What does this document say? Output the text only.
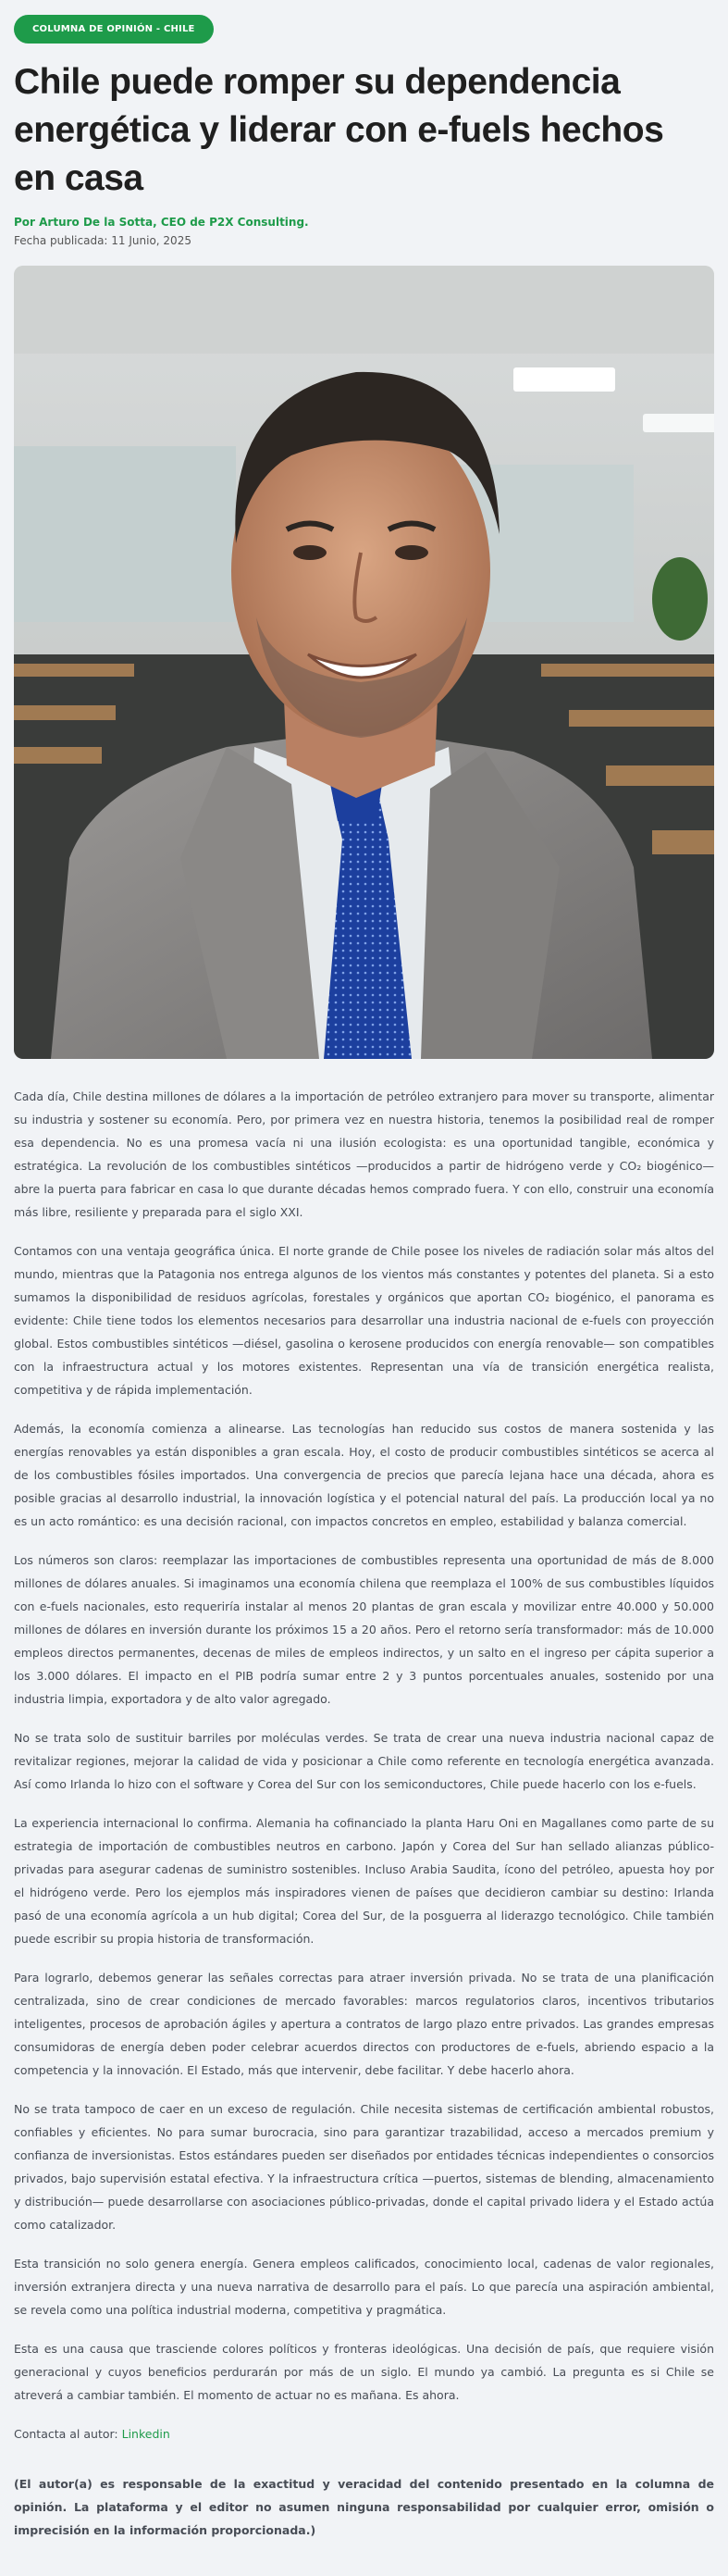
COLUMNA DE OPINIÓN - CHILE
Chile puede romper su dependencia energética y liderar con e-fuels hechos en casa
Por Arturo De la Sotta, CEO de P2X Consulting.
Fecha publicada: 11 Junio, 2025

Cada día, Chile destina millones de dólares a la importación de petróleo extranjero para mover su transporte, alimentar su industria y sostener su economía. Pero, por primera vez en nuestra historia, tenemos la posibilidad real de romper esa dependencia. No es una promesa vacía ni una ilusión ecologista: es una oportunidad tangible, económica y estratégica. La revolución de los combustibles sintéticos —producidos a partir de hidrógeno verde y CO₂ biogénico— abre la puerta para fabricar en casa lo que durante décadas hemos comprado fuera. Y con ello, construir una economía más libre, resiliente y preparada para el siglo XXI.

Contamos con una ventaja geográfica única. El norte grande de Chile posee los niveles de radiación solar más altos del mundo, mientras que la Patagonia nos entrega algunos de los vientos más constantes y potentes del planeta. Si a esto sumamos la disponibilidad de residuos agrícolas, forestales y orgánicos que aportan CO₂ biogénico, el panorama es evidente: Chile tiene todos los elementos necesarios para desarrollar una industria nacional de e-fuels con proyección global. Estos combustibles sintéticos —diésel, gasolina o kerosene producidos con energía renovable— son compatibles con la infraestructura actual y los motores existentes. Representan una vía de transición energética realista, competitiva y de rápida implementación.

Además, la economía comienza a alinearse. Las tecnologías han reducido sus costos de manera sostenida y las energías renovables ya están disponibles a gran escala. Hoy, el costo de producir combustibles sintéticos se acerca al de los combustibles fósiles importados. Una convergencia de precios que parecía lejana hace una década, ahora es posible gracias al desarrollo industrial, la innovación logística y el potencial natural del país. La producción local ya no es un acto romántico: es una decisión racional, con impactos concretos en empleo, estabilidad y balanza comercial.

Los números son claros: reemplazar las importaciones de combustibles representa una oportunidad de más de 8.000 millones de dólares anuales. Si imaginamos una economía chilena que reemplaza el 100% de sus combustibles líquidos con e-fuels nacionales, esto requeriría instalar al menos 20 plantas de gran escala y movilizar entre 40.000 y 50.000 millones de dólares en inversión durante los próximos 15 a 20 años. Pero el retorno sería transformador: más de 10.000 empleos directos permanentes, decenas de miles de empleos indirectos, y un salto en el ingreso per cápita superior a los 3.000 dólares. El impacto en el PIB podría sumar entre 2 y 3 puntos porcentuales anuales, sostenido por una industria limpia, exportadora y de alto valor agregado.

No se trata solo de sustituir barriles por moléculas verdes. Se trata de crear una nueva industria nacional capaz de revitalizar regiones, mejorar la calidad de vida y posicionar a Chile como referente en tecnología energética avanzada. Así como Irlanda lo hizo con el software y Corea del Sur con los semiconductores, Chile puede hacerlo con los e-fuels.

La experiencia internacional lo confirma. Alemania ha cofinanciado la planta Haru Oni en Magallanes como parte de su estrategia de importación de combustibles neutros en carbono. Japón y Corea del Sur han sellado alianzas público-privadas para asegurar cadenas de suministro sostenibles. Incluso Arabia Saudita, ícono del petróleo, apuesta hoy por el hidrógeno verde. Pero los ejemplos más inspiradores vienen de países que decidieron cambiar su destino: Irlanda pasó de una economía agrícola a un hub digital; Corea del Sur, de la posguerra al liderazgo tecnológico. Chile también puede escribir su propia historia de transformación.

Para lograrlo, debemos generar las señales correctas para atraer inversión privada. No se trata de una planificación centralizada, sino de crear condiciones de mercado favorables: marcos regulatorios claros, incentivos tributarios inteligentes, procesos de aprobación ágiles y apertura a contratos de largo plazo entre privados. Las grandes empresas consumidoras de energía deben poder celebrar acuerdos directos con productores de e-fuels, abriendo espacio a la competencia y la innovación. El Estado, más que intervenir, debe facilitar. Y debe hacerlo ahora.

No se trata tampoco de caer en un exceso de regulación. Chile necesita sistemas de certificación ambiental robustos, confiables y eficientes. No para sumar burocracia, sino para garantizar trazabilidad, acceso a mercados premium y confianza de inversionistas. Estos estándares pueden ser diseñados por entidades técnicas independientes o consorcios privados, bajo supervisión estatal efectiva. Y la infraestructura crítica —puertos, sistemas de blending, almacenamiento y distribución— puede desarrollarse con asociaciones público-privadas, donde el capital privado lidera y el Estado actúa como catalizador.

Esta transición no solo genera energía. Genera empleos calificados, conocimiento local, cadenas de valor regionales, inversión extranjera directa y una nueva narrativa de desarrollo para el país. Lo que parecía una aspiración ambiental, se revela como una política industrial moderna, competitiva y pragmática.

Esta es una causa que trasciende colores políticos y fronteras ideológicas. Una decisión de país, que requiere visión generacional y cuyos beneficios perdurarán por más de un siglo. El mundo ya cambió. La pregunta es si Chile se atreverá a cambiar también. El momento de actuar no es mañana. Es ahora.

Contacta al autor: Linkedin

(El autor(a) es responsable de la exactitud y veracidad del contenido presentado en la columna de opinión. La plataforma y el editor no asumen ninguna responsabilidad por cualquier error, omisión o imprecisión en la información proporcionada.)
